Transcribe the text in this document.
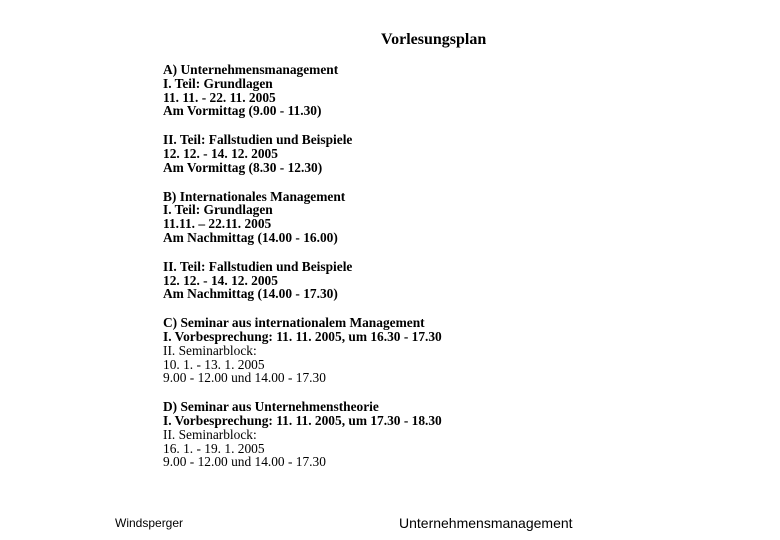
Vorlesungsplan
A) Unternehmensmanagement
I. Teil: Grundlagen
11. 11. - 22. 11. 2005
Am Vormittag (9.00 - 11.30)
II. Teil: Fallstudien und Beispiele
12. 12. - 14. 12. 2005
Am Vormittag (8.30 - 12.30)
B) Internationales Management
I. Teil: Grundlagen
11.11. – 22.11. 2005
Am Nachmittag (14.00 - 16.00)
II. Teil: Fallstudien und Beispiele
12. 12. - 14. 12. 2005
Am Nachmittag (14.00 - 17.30)
C) Seminar aus internationalem Management
I. Vorbesprechung: 11. 11. 2005, um 16.30 - 17.30
II. Seminarblock:
10. 1. - 13. 1. 2005
9.00 - 12.00 und 14.00 - 17.30
D) Seminar aus Unternehmenstheorie
I. Vorbesprechung: 11. 11. 2005, um 17.30 - 18.30
II. Seminarblock:
16. 1. - 19. 1. 2005
9.00 - 12.00 und 14.00 - 17.30
Windsperger	Unternehmensmanagement
